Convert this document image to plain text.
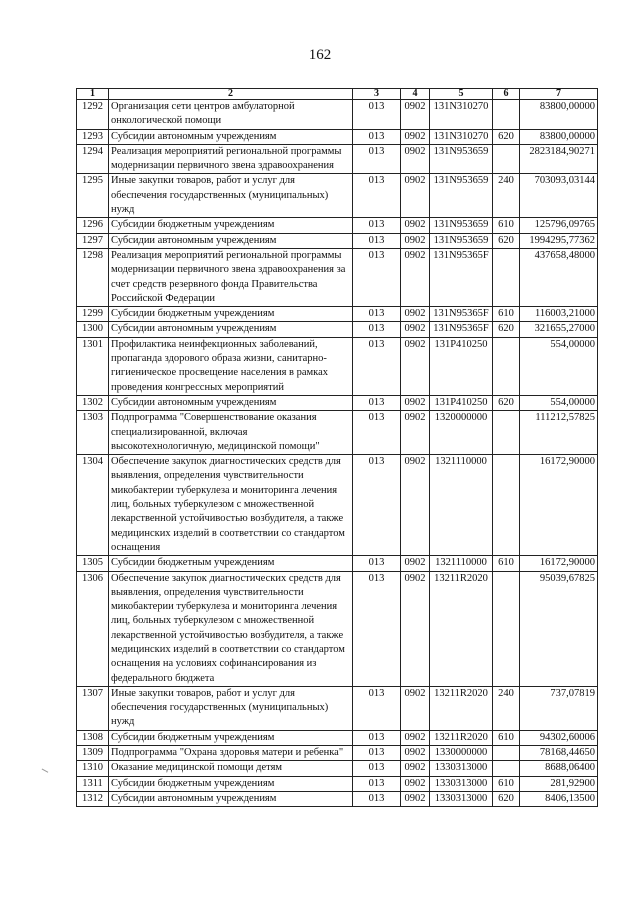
162
1	2	3	4	5	6	7
1292	Организация сети центров амбулаторной онкологической помощи	013	0902	131N310270		83800,00000
1293	Субсидии автономным учреждениям	013	0902	131N310270	620	83800,00000
1294	Реализация мероприятий региональной программы модернизации первичного звена здравоохранения	013	0902	131N953659		2823184,90271
1295	Иные закупки товаров, работ и услуг для обеспечения государственных (муниципальных) нужд	013	0902	131N953659	240	703093,03144
1296	Субсидии бюджетным учреждениям	013	0902	131N953659	610	125796,09765
1297	Субсидии автономным учреждениям	013	0902	131N953659	620	1994295,77362
1298	Реализация мероприятий региональной программы модернизации первичного звена здравоохранения за счет средств резервного фонда Правительства Российской Федерации	013	0902	131N95365F		437658,48000
1299	Субсидии бюджетным учреждениям	013	0902	131N95365F	610	116003,21000
1300	Субсидии автономным учреждениям	013	0902	131N95365F	620	321655,27000
1301	Профилактика неинфекционных заболеваний, пропаганда здорового образа жизни, санитарно-гигиеническое просвещение населения в рамках проведения конгрессных мероприятий	013	0902	131P410250		554,00000
1302	Субсидии автономным учреждениям	013	0902	131P410250	620	554,00000
1303	Подпрограмма "Совершенствование оказания специализированной, включая высокотехнологичную, медицинской помощи"	013	0902	1320000000		111212,57825
1304	Обеспечение закупок диагностических средств для выявления, определения чувствительности микобактерии туберкулеза и мониторинга лечения лиц, больных туберкулезом с множественной лекарственной устойчивостью возбудителя, а также медицинских изделий в соответствии со стандартом оснащения	013	0902	1321110000		16172,90000
1305	Субсидии бюджетным учреждениям	013	0902	1321110000	610	16172,90000
1306	Обеспечение закупок диагностических средств для выявления, определения чувствительности микобактерии туберкулеза и мониторинга лечения лиц, больных туберкулезом с множественной лекарственной устойчивостью возбудителя, а также медицинских изделий в соответствии со стандартом оснащения на условиях софинансирования из федерального бюджета	013	0902	13211R2020		95039,67825
1307	Иные закупки товаров, работ и услуг для обеспечения государственных (муниципальных) нужд	013	0902	13211R2020	240	737,07819
1308	Субсидии бюджетным учреждениям	013	0902	13211R2020	610	94302,60006
1309	Подпрограмма "Охрана здоровья матери и ребенка"	013	0902	1330000000		78168,44650
1310	Оказание медицинской помощи детям	013	0902	1330313000		8688,06400
1311	Субсидии бюджетным учреждениям	013	0902	1330313000	610	281,92900
1312	Субсидии автономным учреждениям	013	0902	1330313000	620	8406,13500
